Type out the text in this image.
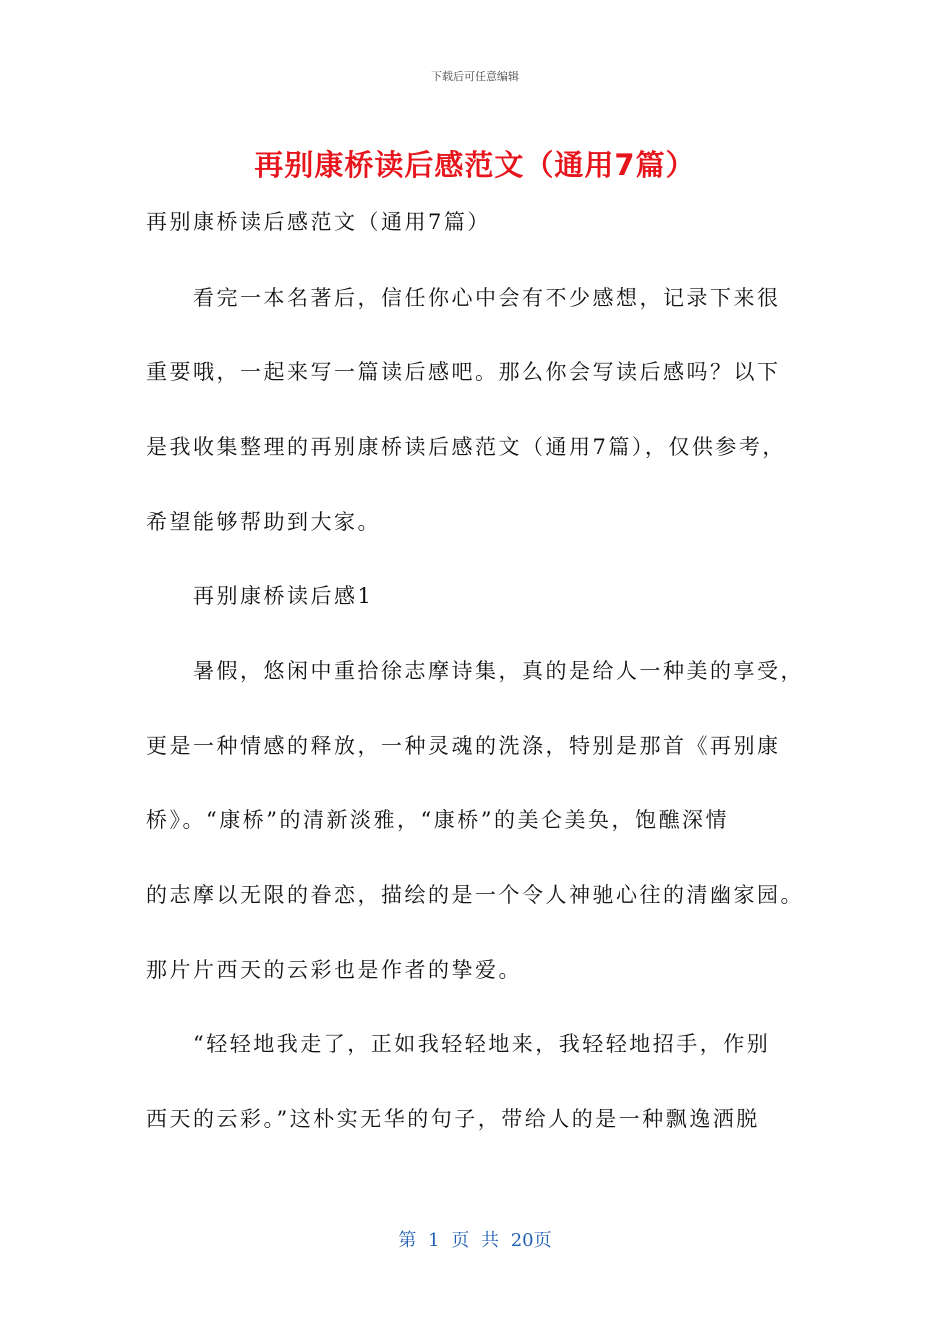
下载后可任意编辑
再别康桥读后感范文（通用7篇）
再别康桥读后感范文（通用7篇）
看完一本名著后，信任你心中会有不少感想，记录下来很
重要哦，一起来写一篇读后感吧。那么你会写读后感吗？以下
是我收集整理的再别康桥读后感范文（通用7篇），仅供参考，
希望能够帮助到大家。
再别康桥读后感1
暑假，悠闲中重拾徐志摩诗集，真的是给人一种美的享受，
更是一种情感的释放，一种灵魂的洗涤，特别是那首《再别康
桥》。“康桥”的清新淡雅，“康桥”的美仑美奂，饱醮深情
的志摩以无限的眷恋，描绘的是一个令人神驰心往的清幽家园。
那片片西天的云彩也是作者的挚爱。
“轻轻地我走了，正如我轻轻地来，我轻轻地招手，作别
西天的云彩。”这朴实无华的句子，带给人的是一种飘逸洒脱
第 1 页 共 20页
